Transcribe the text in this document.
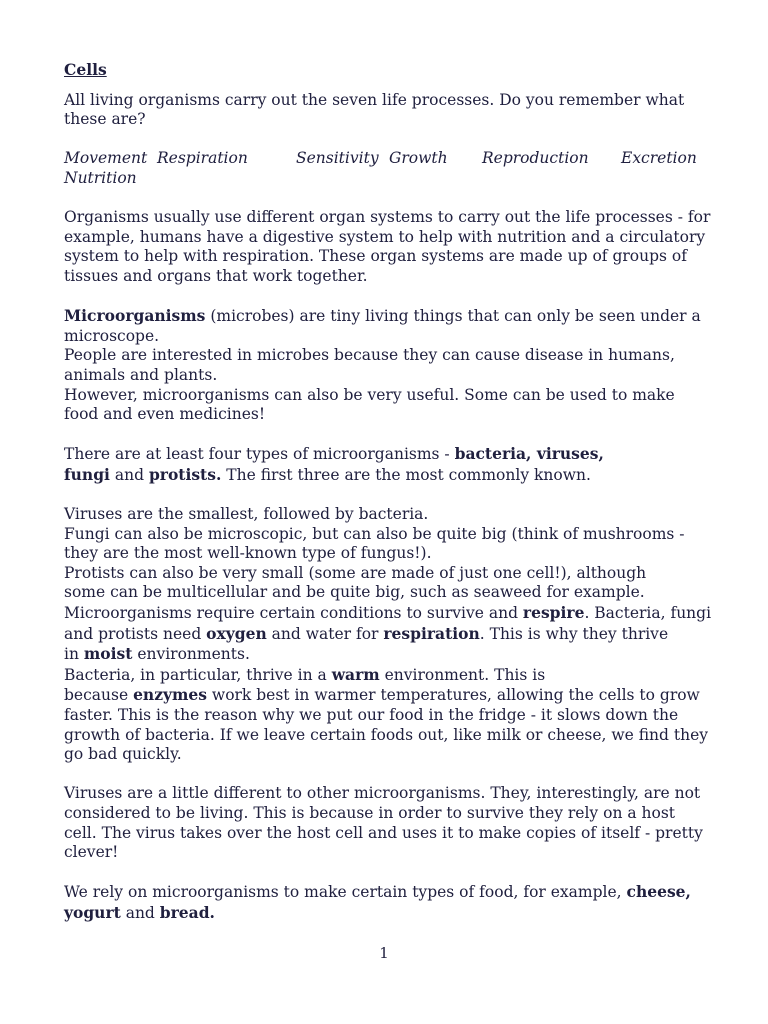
Cells

All living organisms carry out the seven life processes. Do you remember what
these are?

Movement Respiration	Sensitivity Growth Reproduction Excretion

Nutrition

Organisms usually use different organ systems to carry out the life processes - for
example, humans have a digestive system to help with nutrition and a circulatory
system to help with respiration. These organ systems are made up of groups of
tissues and organs that work together.

Microorganisms (microbes) are tiny living things that can only be seen under a
microscope.
People are interested in microbes because they can cause disease in humans,
animals and plants.
However, microorganisms can also be very useful. Some can be used to make
food and even medicines!

There are at least four types of microorganisms - bacteria, viruses,
fungi and protists. The first three are the most commonly known.

Viruses are the smallest, followed by bacteria.
Fungi can also be microscopic, but can also be quite big (think of mushrooms -
they are the most well-known type of fungus!).
Protists can also be very small (some are made of just one cell!), although
some can be multicellular and be quite big, such as seaweed for example.
Microorganisms require certain conditions to survive and respire. Bacteria, fungi
and protists need oxygen and water for respiration. This is why they thrive
in moist environments.
Bacteria, in particular, thrive in a warm environment. This is
because enzymes work best in warmer temperatures, allowing the cells to grow
faster. This is the reason why we put our food in the fridge - it slows down the
growth of bacteria. If we leave certain foods out, like milk or cheese, we find they
go bad quickly.

Viruses are a little different to other microorganisms. They, interestingly, are not
considered to be living. This is because in order to survive they rely on a host
cell. The virus takes over the host cell and uses it to make copies of itself - pretty
clever!

We rely on microorganisms to make certain types of food, for example, cheese,
yogurt and bread.

1
